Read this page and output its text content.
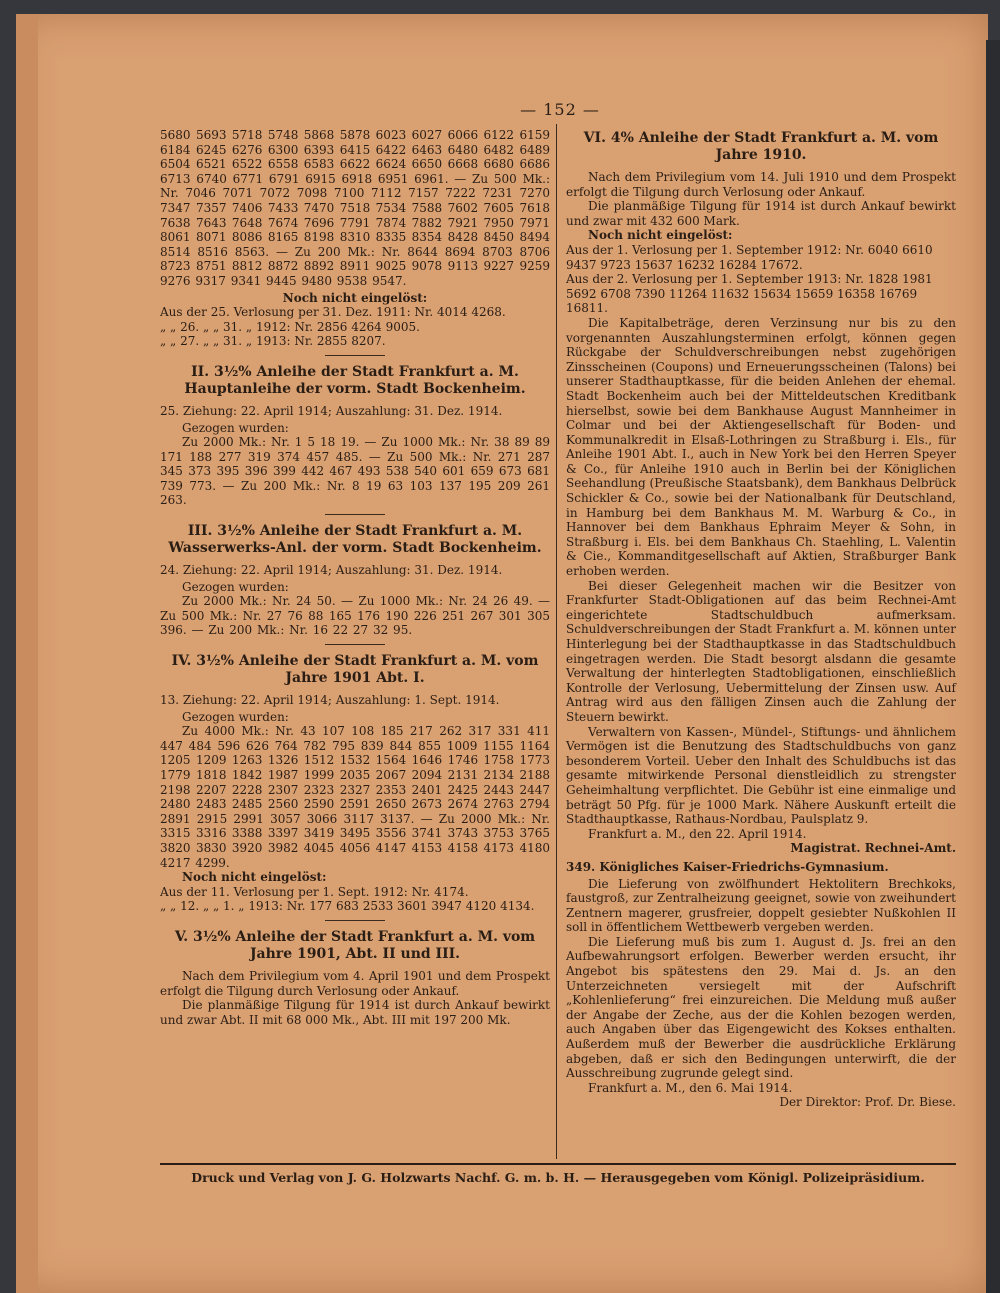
— 152 —
5680 5693 5718 5748 5868 5878 6023 6027 6066 6122 6159 6184 6245 6276 6300 6393 6415 6422 6463 6480 6482 6489 6504 6521 6522 6558 6583 6622 6624 6650 6668 6680 6686 6713 6740 6771 6791 6915 6918 6951 6961. — Zu 500 Mk.: Nr. 7046 7071 7072 7098 7100 7112 7157 7222 7231 7270 7347 7357 7406 7433 7470 7518 7534 7588 7602 7605 7618 7638 7643 7648 7674 7696 7791 7874 7882 7921 7950 7971 8061 8071 8086 8165 8198 8310 8335 8354 8428 8450 8494 8514 8516 8563. — Zu 200 Mk.: Nr. 8644 8694 8703 8706 8723 8751 8812 8872 8892 8911 9025 9078 9113 9227 9259 9276 9317 9341 9445 9480 9538 9547.
Noch nicht eingelöst:
Aus der 25. Verlosung per 31. Dez. 1911: Nr. 4014 4268.
„ „ 26. „ „ 31. „ 1912: Nr. 2856 4264 9005.
„ „ 27. „ „ 31. „ 1913: Nr. 2855 8207.
II. 3½% Anleihe der Stadt Frankfurt a. M. Hauptanleihe der vorm. Stadt Bockenheim.
25. Ziehung: 22. April 1914; Auszahlung: 31. Dez. 1914.
Gezogen wurden:
Zu 2000 Mk.: Nr. 1 5 18 19. — Zu 1000 Mk.: Nr. 38 89 89 171 188 277 319 374 457 485. — Zu 500 Mk.: Nr. 271 287 345 373 395 396 399 442 467 493 538 540 601 659 673 681 739 773. — Zu 200 Mk.: Nr. 8 19 63 103 137 195 209 261 263.
III. 3½% Anleihe der Stadt Frankfurt a. M. Wasserwerks-Anl. der vorm. Stadt Bockenheim.
24. Ziehung: 22. April 1914; Auszahlung: 31. Dez. 1914.
Gezogen wurden:
Zu 2000 Mk.: Nr. 24 50. — Zu 1000 Mk.: Nr. 24 26 49. — Zu 500 Mk.: Nr. 27 76 88 165 176 190 226 251 267 301 305 396. — Zu 200 Mk.: Nr. 16 22 27 32 95.
IV. 3½% Anleihe der Stadt Frankfurt a. M. vom Jahre 1901 Abt. I.
13. Ziehung: 22. April 1914; Auszahlung: 1. Sept. 1914.
Gezogen wurden:
Zu 4000 Mk.: Nr. 43 107 108 185 217 262 317 331 411 447 484 596 626 764 782 795 839 844 855 1009 1155 1164 1205 1209 1263 1326 1512 1532 1564 1646 1746 1758 1773 1779 1818 1842 1987 1999 2035 2067 2094 2131 2134 2188 2198 2207 2228 2307 2323 2327 2353 2401 2425 2443 2447 2480 2483 2485 2560 2590 2591 2650 2673 2674 2763 2794 2891 2915 2991 3057 3066 3117 3137. — Zu 2000 Mk.: Nr. 3315 3316 3388 3397 3419 3495 3556 3741 3743 3753 3765 3820 3830 3920 3982 4045 4056 4147 4153 4158 4173 4180 4217 4299.
Noch nicht eingelöst:
Aus der 11. Verlosung per 1. Sept. 1912: Nr. 4174.
„ „ 12. „ „ 1. „ 1913: Nr. 177 683 2533 3601 3947 4120 4134.
V. 3½% Anleihe der Stadt Frankfurt a. M. vom Jahre 1901, Abt. II und III.
Nach dem Privilegium vom 4. April 1901 und dem Prospekt erfolgt die Tilgung durch Verlosung oder Ankauf.
Die planmäßige Tilgung für 1914 ist durch Ankauf bewirkt und zwar Abt. II mit 68 000 Mk., Abt. III mit 197 200 Mk.
VI. 4% Anleihe der Stadt Frankfurt a. M. vom Jahre 1910.
Nach dem Privilegium vom 14. Juli 1910 und dem Prospekt erfolgt die Tilgung durch Verlosung oder Ankauf.
Die planmäßige Tilgung für 1914 ist durch Ankauf bewirkt und zwar mit 432 600 Mark.
Noch nicht eingelöst:
Aus der 1. Verlosung per 1. September 1912: Nr. 6040 6610 9437 9723 15637 16232 16284 17672.
Aus der 2. Verlosung per 1. September 1913: Nr. 1828 1981 5692 6708 7390 11264 11632 15634 15659 16358 16769 16811.
Die Kapitalbeträge, deren Verzinsung nur bis zu den vorgenannten Auszahlungsterminen erfolgt, können gegen Rückgabe der Schuldverschreibungen nebst zugehörigen Zinsscheinen (Coupons) und Erneuerungsscheinen (Talons) bei unserer Stadthauptkasse, für die beiden Anlehen der ehemal. Stadt Bockenheim auch bei der Mitteldeutschen Kreditbank hierselbst, sowie bei dem Bankhause August Mannheimer in Colmar und bei der Aktiengesellschaft für Boden- und Kommunalkredit in Elsaß-Lothringen zu Straßburg i. Els., für Anleihe 1901 Abt. I., auch in New York bei den Herren Speyer & Co., für Anleihe 1910 auch in Berlin bei der Königlichen Seehandlung (Preußische Staatsbank), dem Bankhaus Delbrück Schickler & Co., sowie bei der Nationalbank für Deutschland, in Hamburg bei dem Bankhaus M. M. Warburg & Co., in Hannover bei dem Bankhaus Ephraim Meyer & Sohn, in Straßburg i. Els. bei dem Bankhaus Ch. Staehling, L. Valentin & Cie., Kommanditgesellschaft auf Aktien, Straßburger Bank erhoben werden.
Bei dieser Gelegenheit machen wir die Besitzer von Frankfurter Stadt-Obligationen auf das beim Rechnei-Amt eingerichtete Stadtschuldbuch aufmerksam. Schuldverschreibungen der Stadt Frankfurt a. M. können unter Hinterlegung bei der Stadthauptkasse in das Stadtschuldbuch eingetragen werden. Die Stadt besorgt alsdann die gesamte Verwaltung der hinterlegten Stadtobligationen, einschließlich Kontrolle der Verlosung, Uebermittelung der Zinsen usw. Auf Antrag wird aus den fälligen Zinsen auch die Zahlung der Steuern bewirkt.
Verwaltern von Kassen-, Mündel-, Stiftungs- und ähnlichem Vermögen ist die Benutzung des Stadtschuldbuchs von ganz besonderem Vorteil. Ueber den Inhalt des Schuldbuchs ist das gesamte mitwirkende Personal dienstleidlich zu strengster Geheimhaltung verpflichtet. Die Gebühr ist eine einmalige und beträgt 50 Pfg. für je 1000 Mark. Nähere Auskunft erteilt die Stadthauptkasse, Rathaus-Nordbau, Paulsplatz 9.
Frankfurt a. M., den 22. April 1914.
Magistrat. Rechnei-Amt.
349. Königliches Kaiser-Friedrichs-Gymnasium.
Die Lieferung von zwölfhundert Hektolitern Brechkoks, faustgroß, zur Zentralheizung geeignet, sowie von zweihundert Zentnern magerer, grusfreier, doppelt gesiebter Nußkohlen II soll in öffentlichem Wettbewerb vergeben werden.
Die Lieferung muß bis zum 1. August d. Js. frei an den Aufbewahrungsort erfolgen. Bewerber werden ersucht, ihr Angebot bis spätestens den 29. Mai d. Js. an den Unterzeichneten versiegelt mit der Aufschrift „Kohlenlieferung“ frei einzureichen. Die Meldung muß außer der Angabe der Zeche, aus der die Kohlen bezogen werden, auch Angaben über das Eigengewicht des Kokses enthalten. Außerdem muß der Bewerber die ausdrückliche Erklärung abgeben, daß er sich den Bedingungen unterwirft, die der Ausschreibung zugrunde gelegt sind.
Frankfurt a. M., den 6. Mai 1914.
Der Direktor: Prof. Dr. Biese.
Druck und Verlag von J. G. Holzwarts Nachf. G. m. b. H. — Herausgegeben vom Königl. Polizeipräsidium.
